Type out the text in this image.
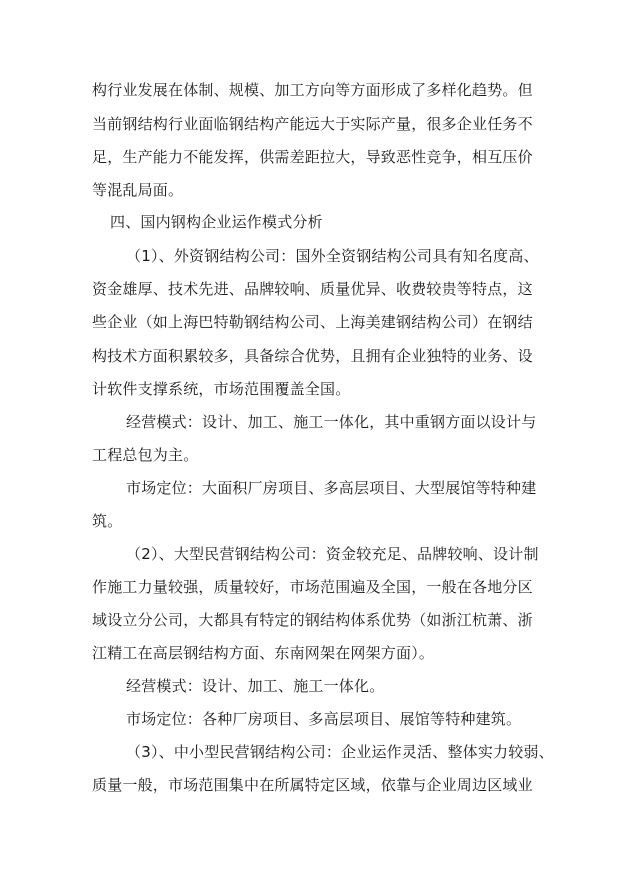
构行业发展在体制、规模、加工方向等方面形成了多样化趋势。但
当前钢结构行业面临钢结构产能远大于实际产量，很多企业任务不
足，生产能力不能发挥，供需差距拉大，导致恶性竞争，相互压价
等混乱局面。
四、国内钢构企业运作模式分析
（1）、外资钢结构公司：国外全资钢结构公司具有知名度高、
资金雄厚、技术先进、品牌较响、质量优异、收费较贵等特点，这
些企业（如上海巴特勒钢结构公司、上海美建钢结构公司）在钢结
构技术方面积累较多，具备综合优势，且拥有企业独特的业务、设
计软件支撑系统，市场范围覆盖全国。
经营模式：设计、加工、施工一体化，其中重钢方面以设计与
工程总包为主。
市场定位：大面积厂房项目、多高层项目、大型展馆等特种建
筑。
（2）、大型民营钢结构公司：资金较充足、品牌较响、设计制
作施工力量较强，质量较好，市场范围遍及全国，一般在各地分区
域设立分公司，大都具有特定的钢结构体系优势（如浙江杭萧、浙
江精工在高层钢结构方面、东南网架在网架方面）。
经营模式：设计、加工、施工一体化。
市场定位：各种厂房项目、多高层项目、展馆等特种建筑。
（3）、中小型民营钢结构公司：企业运作灵活、整体实力较弱、
质量一般，市场范围集中在所属特定区域，依靠与企业周边区域业
